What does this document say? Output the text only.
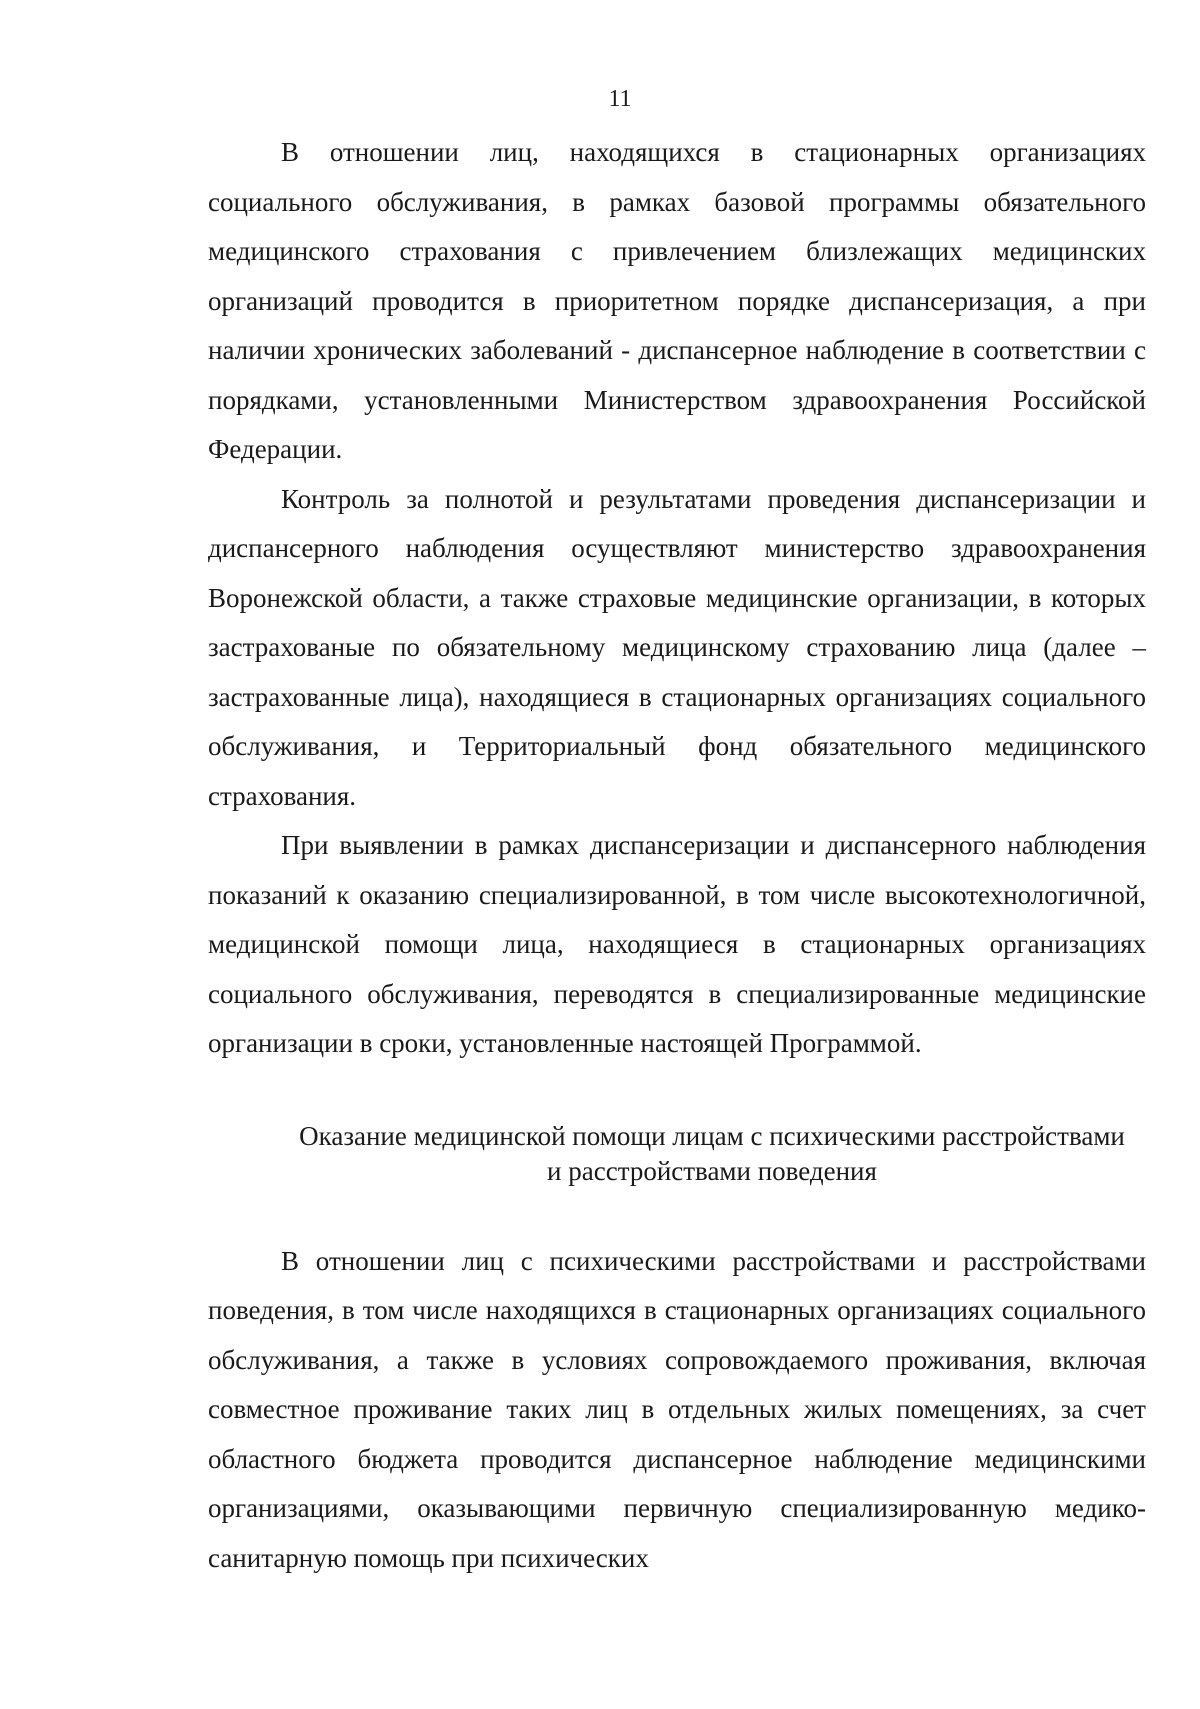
11

В отношении лиц, находящихся в стационарных организациях социального обслуживания, в рамках базовой программы обязательного медицинского страхования с привлечением близлежащих медицинских организаций проводится в приоритетном порядке диспансеризация, а при наличии хронических заболеваний - диспансерное наблюдение в соответствии с порядками, установленными Министерством здравоохранения Российской Федерации.

Контроль за полнотой и результатами проведения диспансеризации и диспансерного наблюдения осуществляют министерство здравоохранения Воронежской области, а также страховые медицинские организации, в которых застрахованые по обязательному медицинскому страхованию лица (далее – застрахованные лица), находящиеся в стационарных организациях социального обслуживания, и Территориальный фонд обязательного медицинского страхования.

При выявлении в рамках диспансеризации и диспансерного наблюдения показаний к оказанию специализированной, в том числе высокотехнологичной, медицинской помощи лица, находящиеся в стационарных организациях социального обслуживания, переводятся в специализированные медицинские организации в сроки, установленные настоящей Программой.

Оказание медицинской помощи лицам с психическими расстройствами
и расстройствами поведения

В отношении лиц с психическими расстройствами и расстройствами поведения, в том числе находящихся в стационарных организациях социального обслуживания, а также в условиях сопровождаемого проживания, включая совместное проживание таких лиц в отдельных жилых помещениях, за счет областного бюджета проводится диспансерное наблюдение медицинскими организациями, оказывающими первичную специализированную медико-санитарную помощь при психических
